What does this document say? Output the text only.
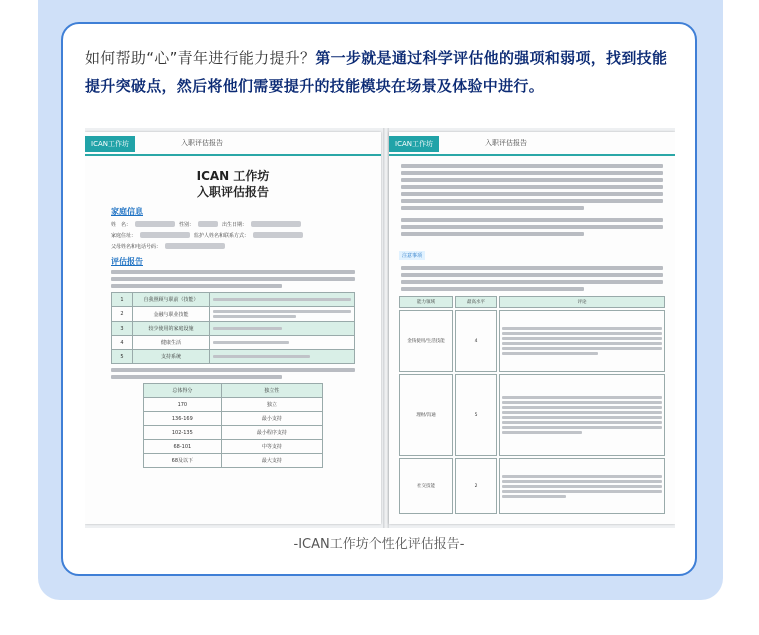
如何帮助“心”青年进行能力提升？第一步就是通过科学评估他的强项和弱项，找到技能提升突破点，然后将他们需要提升的技能模块在场景及体验中进行。

ICAN工作坊	入职评估报告
ICAN 工作坊
入职评估报告
家庭信息
姓　名：	性别：	出生日期：
家庭住址：	监护人姓名和联系方式：
父母姓名和电话号码：
评估报告
1	自我照顾与职前（技能）	

2	金融与职业技能	

3	较少使用的家庭设施	

4	健康生活	

5	支持系统	
总体得分	独立性
170	独立
136-169	最小支持
102-135	最小程序支持
68-101	中等支持
68及以下	最大支持
ICAN工作坊	入职评估报告
注意事项
能力领域	最高水平	评论
金钱使用/生活技能	4	

理财/沟通	5	

社交技能	2	
-ICAN工作坊个性化评估报告-
